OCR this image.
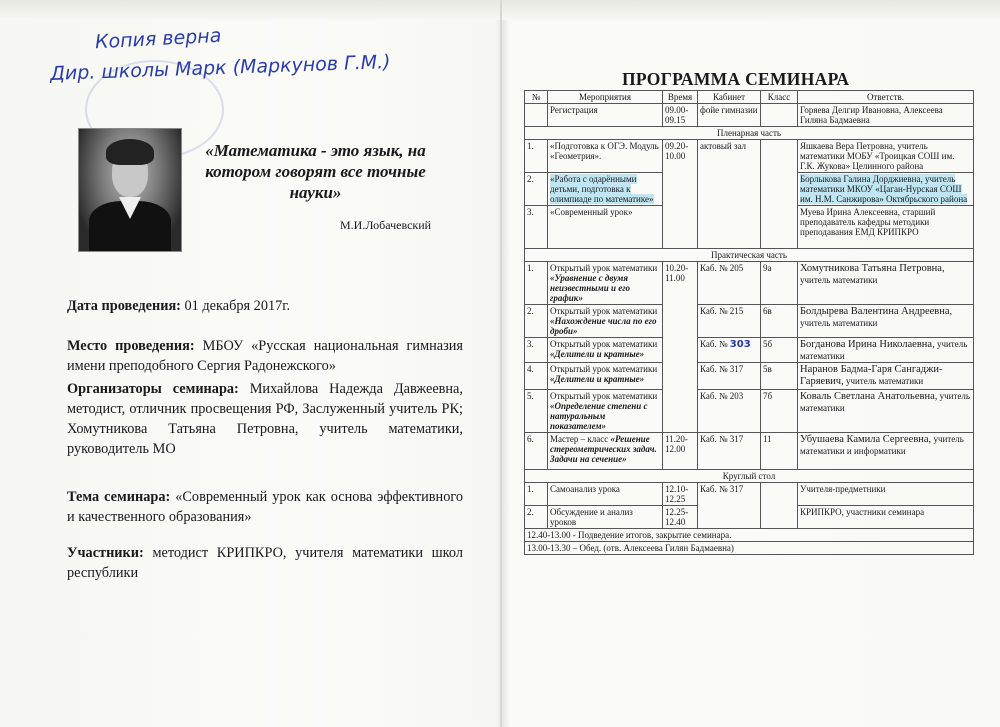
Копия верна
Дир. школы Марк (Маркунов Г.М.)
«Математика - это язык, на котором говорят все точные науки»
М.И.Лобачевский
Дата проведения: 01 декабря 2017г.
Место проведения: МБОУ «Русская национальная гимназия имени преподобного Сергия Радонежского»
Организаторы семинара: Михайлова Надежда Давжеевна, методист, отличник просвещения РФ, Заслуженный учитель РК; Хомутникова Татьяна Петровна, учитель математики, руководитель МО
Тема семинара: «Современный урок как основа эффективного и качественного образования»
Участники: методист КРИПКРО, учителя математики школ республики
ПРОГРАММА СЕМИНАРА
№	Мероприятия	Время	Кабинет	Класс	Ответств.
	Регистрация	09.00-09.15	фойе гимназии		Горяева Делгир Ивановна, Алексеева Гиляна Бадмаевна
Пленарная часть					
1.	«Подготовка к ОГЭ. Модуль «Геометрия».	09.20-10.00	актовый зал		Яшкаева Вера Петровна, учитель математики МОБУ «Троицкая СОШ им. Г.К. Жукова» Целинного района
2.	«Работа с одарёнными детьми, подготовка к олимпиаде по математике»				Борлыкова Галина Дорджиевна, учитель математики МКОУ «Цаган-Нурская СОШ им. Н.М. Санжирова» Октябрьского района
3.	«Современный урок»				Муева Ирина Алексеевна, старший преподаватель кафедры методики преподавания ЕМД КРИПКРО
Практическая часть					
1.	Открытый урок математики «Уравнение с двумя неизвестными и его график»	10.20-11.00	Каб. № 205	9а	Хомутникова Татьяна Петровна, учитель математики
2.	Открытый урок математики «Нахождение числа по его дроби»		Каб. № 215	6в	Болдырева Валентина Андреевна, учитель математики
3.	Открытый урок математики «Делители и кратные»		Каб. № 303	5б	Богданова Ирина Николаевна, учитель математики
4.	Открытый урок математики «Делители и кратные»		Каб. № 317	5в	Наранов Бадма-Гаря Сангаджи-Гаряевич, учитель математики
5.	Открытый урок математики «Определение степени с натуральным показателем»		Каб. № 203	7б	Коваль Светлана Анатольевна, учитель математики
6.	Мастер – класс «Решение стереометрических задач. Задачи на сечение»	11.20-12.00	Каб. № 317	11	Убушаева Камила Сергеевна, учитель математики и информатики
Круглый стол					
1.	Самоанализ урока	12.10-12.25	Каб. № 317		Учителя-предметники
2.	Обсуждение и анализ уроков	12.25-12.40			КРИПКРО, участники семинара
12.40-13.00 - Подведение итогов, закрытие семинара.					
13.00-13.30 – Обед. (отв. Алексеева Гилян Бадмаевна)					
